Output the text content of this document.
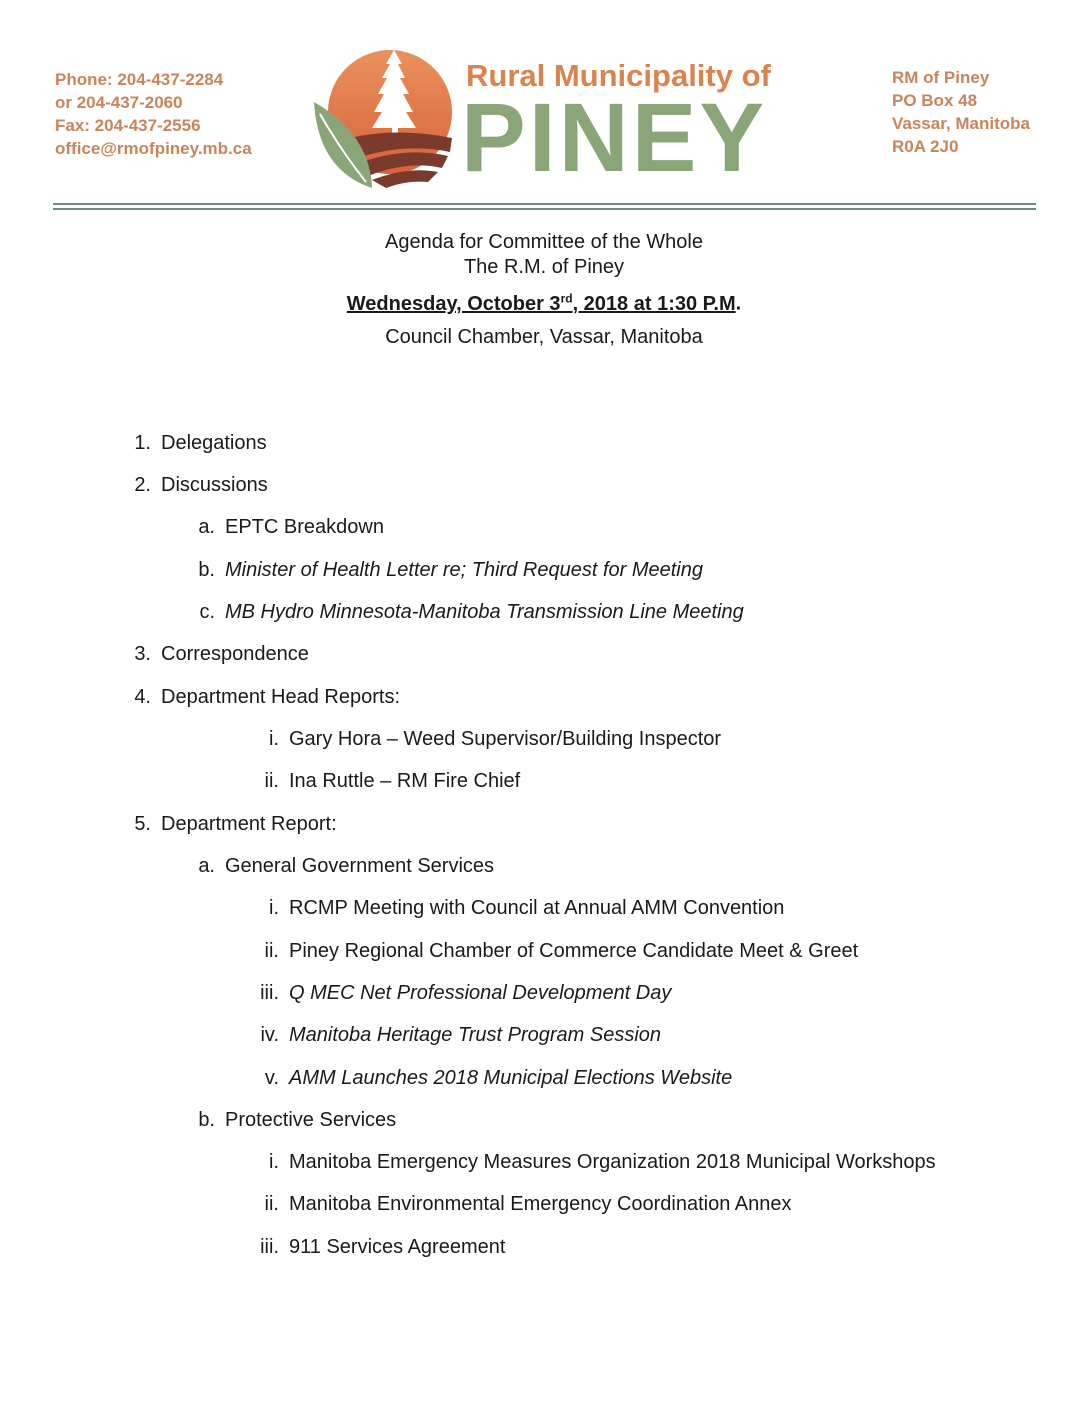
Phone: 204-437-2284
or 204-437-2060
Fax: 204-437-2556
office@rmofpiney.mb.ca
Rural Municipality of
PINEY
RM of Piney
PO Box 48
Vassar, Manitoba
R0A 2J0
Agenda for Committee of the Whole
The R.M. of Piney
Wednesday, October 3rd, 2018 at 1:30 P.M.
Council Chamber, Vassar, Manitoba
1. Delegations
2. Discussions
a. EPTC Breakdown
b. Minister of Health Letter re; Third Request for Meeting
c. MB Hydro Minnesota-Manitoba Transmission Line Meeting
3. Correspondence
4. Department Head Reports:
i. Gary Hora – Weed Supervisor/Building Inspector
ii. Ina Ruttle – RM Fire Chief
5. Department Report:
a. General Government Services
i. RCMP Meeting with Council at Annual AMM Convention
ii. Piney Regional Chamber of Commerce Candidate Meet & Greet
iii. Q MEC Net Professional Development Day
iv. Manitoba Heritage Trust Program Session
v. AMM Launches 2018 Municipal Elections Website
b. Protective Services
i. Manitoba Emergency Measures Organization 2018 Municipal Workshops
ii. Manitoba Environmental Emergency Coordination Annex
iii. 911 Services Agreement
